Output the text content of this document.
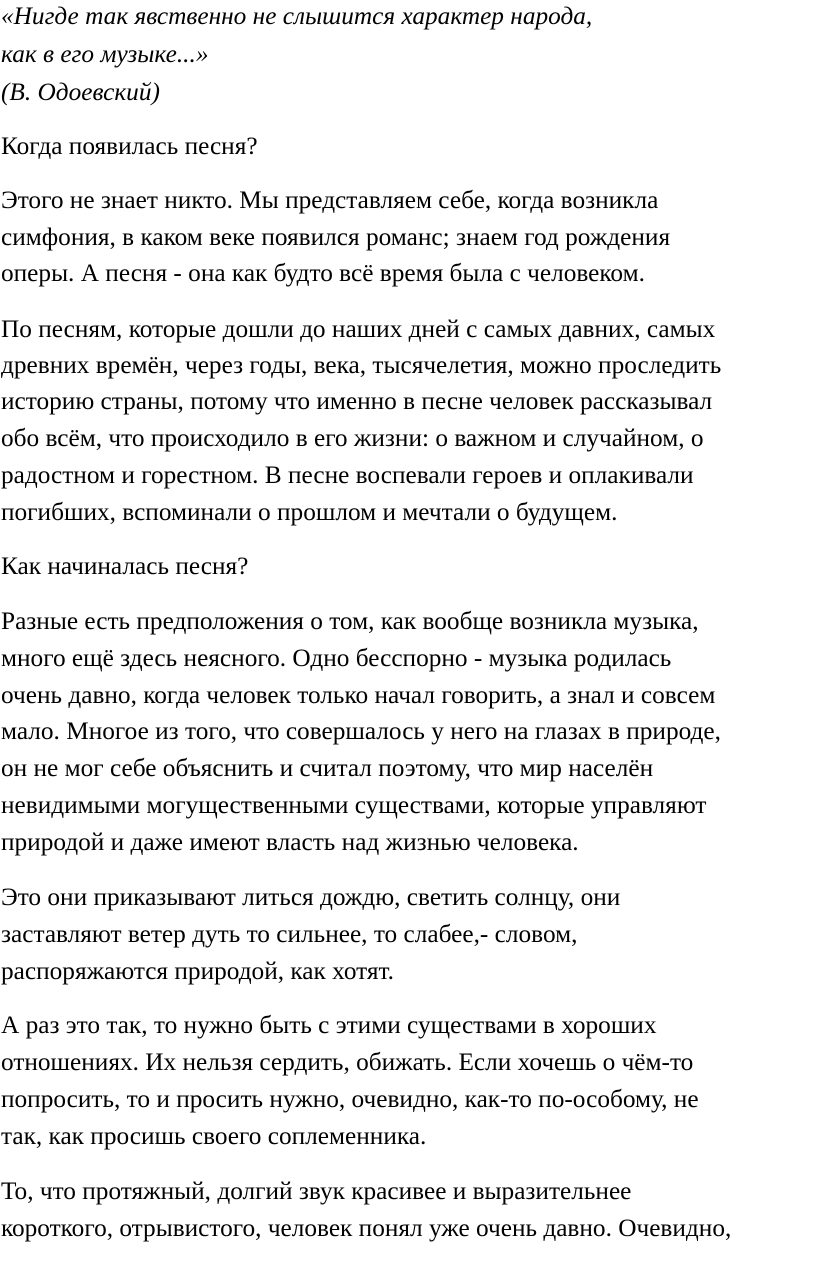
«Нигде так явственно не слышится характер народа,
как в его музыке...»
(В. Одоевский)
Когда появилась песня?
Этого не знает никто. Мы представляем себе, когда возникла
симфония, в каком веке появился романс; знаем год рождения
оперы. А песня - она как будто всё время была с человеком.
По песням, которые дошли до наших дней с самых давних, самых
древних времён, через годы, века, тысячелетия, можно проследить
историю страны, потому что именно в песне человек рассказывал
обо всём, что происходило в его жизни: о важном и случайном, о
радостном и горестном. В песне воспевали героев и оплакивали
погибших, вспоминали о прошлом и мечтали о будущем.
Как начиналась песня?
Разные есть предположения о том, как вообще возникла музыка,
много ещё здесь неясного. Одно бесспорно - музыка родилась
очень давно, когда человек только начал говорить, а знал и совсем
мало. Многое из того, что совершалось у него на глазах в природе,
он не мог себе объяснить и считал поэтому, что мир населён
невидимыми могущественными существами, которые управляют
природой и даже имеют власть над жизнью человека.
Это они приказывают литься дождю, светить солнцу, они
заставляют ветер дуть то сильнее, то слабее,- словом,
распоряжаются природой, как хотят.
А раз это так, то нужно быть с этими существами в хороших
отношениях. Их нельзя сердить, обижать. Если хочешь о чём-то
попросить, то и просить нужно, очевидно, как-то по-особому, не
так, как просишь своего соплеменника.
То, что протяжный, долгий звук красивее и выразительнее
короткого, отрывистого, человек понял уже очень давно. Очевидно,
